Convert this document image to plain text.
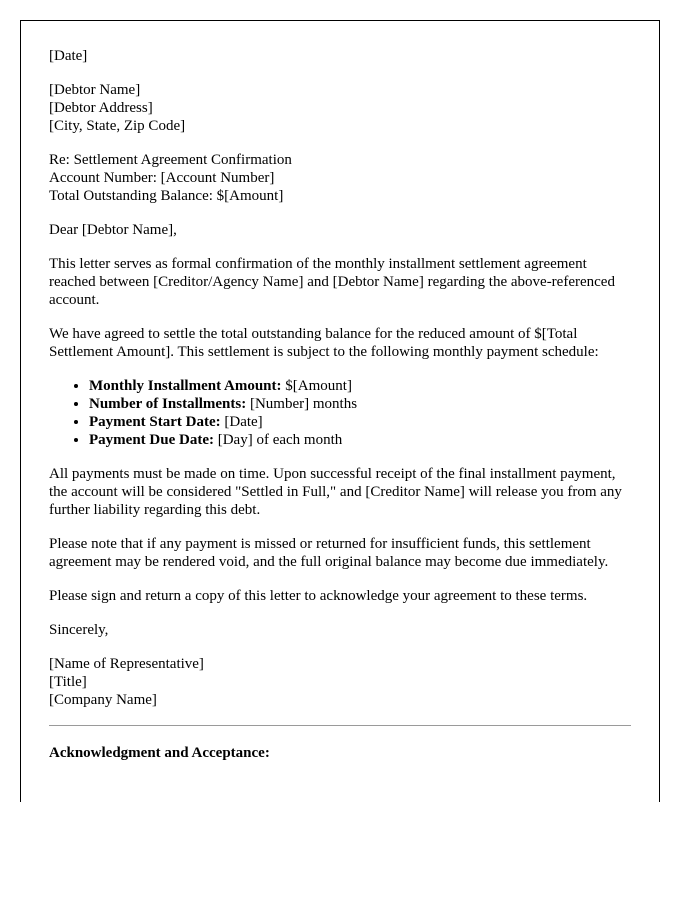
[Date]

[Debtor Name]
[Debtor Address]
[City, State, Zip Code]
Re: Settlement Agreement Confirmation
Account Number: [Account Number]
Total Outstanding Balance: $[Amount]

Dear [Debtor Name],

This letter serves as formal confirmation of the monthly installment settlement agreement reached between [Creditor/Agency Name] and [Debtor Name] regarding the above-referenced account.

We have agreed to settle the total outstanding balance for the reduced amount of $[Total Settlement Amount]. This settlement is subject to the following monthly payment schedule:

• Monthly Installment Amount: $[Amount]
• Number of Installments: [Number] months
• Payment Start Date: [Date]
• Payment Due Date: [Day] of each month

All payments must be made on time. Upon successful receipt of the final installment payment, the account will be considered "Settled in Full," and [Creditor Name] will release you from any further liability regarding this debt.

Please note that if any payment is missed or returned for insufficient funds, this settlement agreement may be rendered void, and the full original balance may become due immediately.

Please sign and return a copy of this letter to acknowledge your agreement to these terms.

Sincerely,

[Name of Representative]
[Title]
[Company Name]
Acknowledgment and Acceptance:
